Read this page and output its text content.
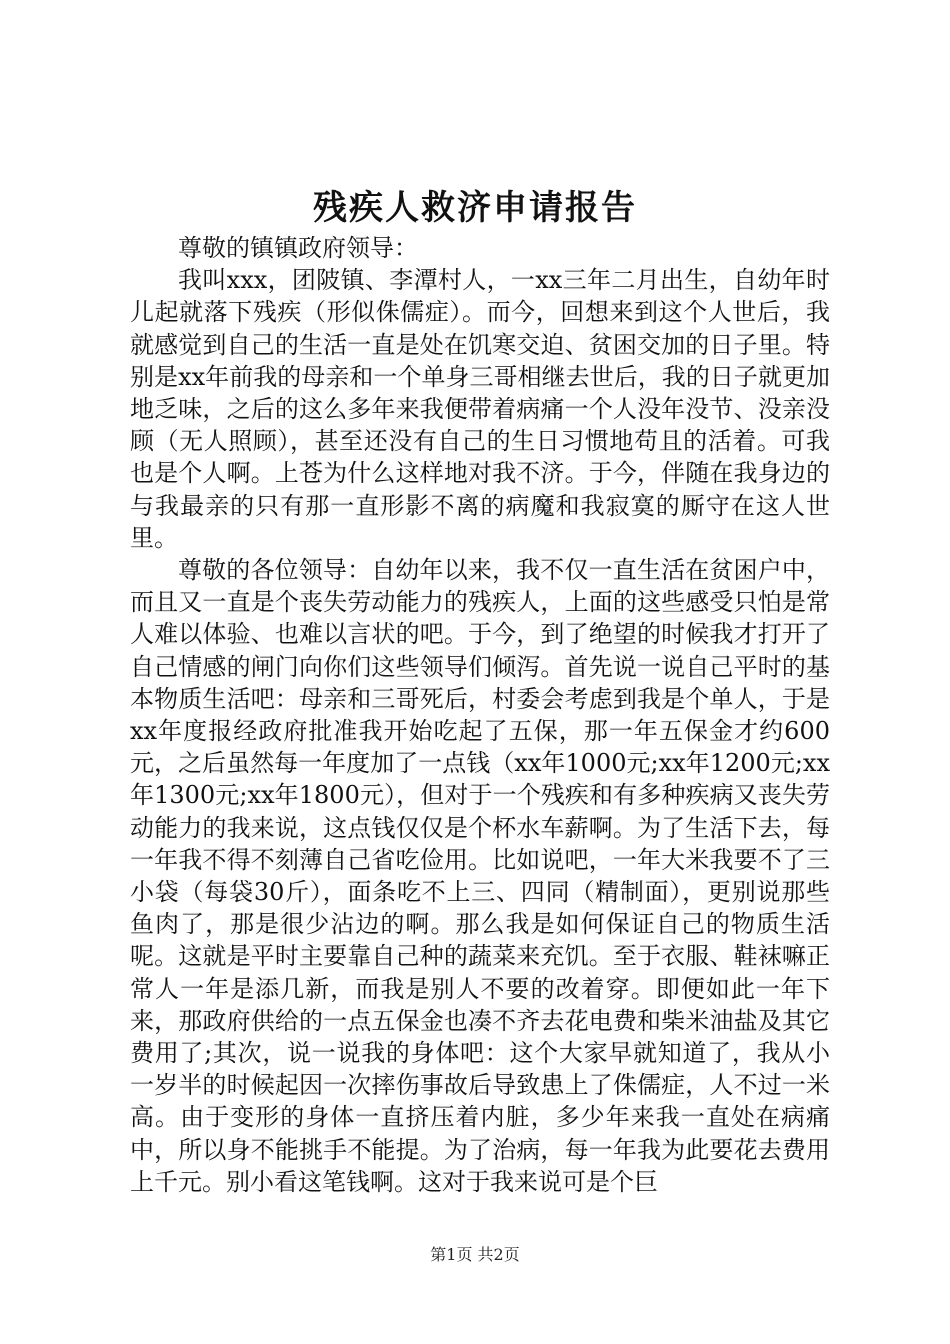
残疾人救济申请报告

尊敬的镇镇政府领导：

我叫xxx，团陂镇、李潭村人，一xx三年二月出生，自幼年时儿起就落下残疾（形似侏儒症）。而今，回想来到这个人世后，我就感觉到自己的生活一直是处在饥寒交迫、贫困交加的日子里。特别是xx年前我的母亲和一个单身三哥相继去世后，我的日子就更加地乏味，之后的这么多年来我便带着病痛一个人没年没节、没亲没顾（无人照顾），甚至还没有自己的生日习惯地苟且的活着。可我也是个人啊。上苍为什么这样地对我不济。于今，伴随在我身边的与我最亲的只有那一直形影不离的病魔和我寂寞的厮守在这人世里。

尊敬的各位领导：自幼年以来，我不仅一直生活在贫困户中，而且又一直是个丧失劳动能力的残疾人，上面的这些感受只怕是常人难以体验、也难以言状的吧。于今，到了绝望的时候我才打开了自己情感的闸门向你们这些领导们倾泻。首先说一说自己平时的基本物质生活吧：母亲和三哥死后，村委会考虑到我是个单人，于是xx年度报经政府批准我开始吃起了五保，那一年五保金才约600元，之后虽然每一年度加了一点钱（xx年1000元;xx年1200元;xx年1300元;xx年1800元），但对于一个残疾和有多种疾病又丧失劳动能力的我来说，这点钱仅仅是个杯水车薪啊。为了生活下去，每一年我不得不刻薄自己省吃俭用。比如说吧，一年大米我要不了三小袋（每袋30斤），面条吃不上三、四同（精制面），更别说那些鱼肉了，那是很少沾边的啊。那么我是如何保证自己的物质生活呢。这就是平时主要靠自己种的蔬菜来充饥。至于衣服、鞋袜嘛正常人一年是添几新，而我是别人不要的改着穿。即便如此一年下来，那政府供给的一点五保金也凑不齐去花电费和柴米油盐及其它费用了;其次，说一说我的身体吧：这个大家早就知道了，我从小一岁半的时候起因一次摔伤事故后导致患上了侏儒症，人不过一米高。由于变形的身体一直挤压着内脏，多少年来我一直处在病痛中，所以身不能挑手不能提。为了治病，每一年我为此要花去费用上千元。别小看这笔钱啊。这对于我来说可是个巨

第1页 共2页
